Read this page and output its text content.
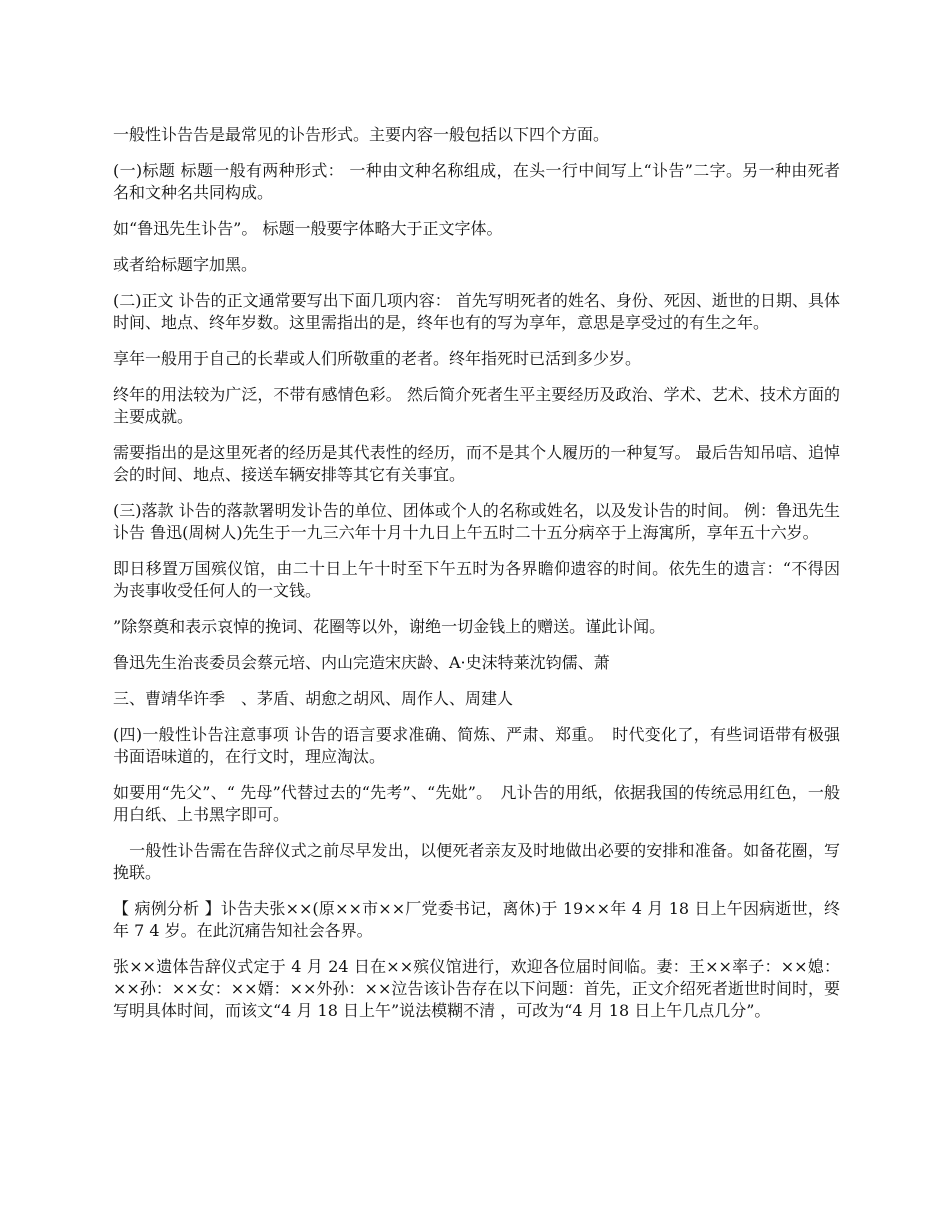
一般性讣告告是最常见的讣告形式。主要内容一般包括以下四个方面。

(一)标题 标题一般有两种形式： 一种由文种名称组成，在头一行中间写上“讣告”二字。另一种由死者名和文种名共同构成。

如“鲁迅先生讣告”。 标题一般要字体略大于正文字体。

或者给标题字加黑。

(二)正文 讣告的正文通常要写出下面几项内容： 首先写明死者的姓名、身份、死因、逝世的日期、具体时间、地点、终年岁数。这里需指出的是，终年也有的写为享年，意思是享受过的有生之年。

享年一般用于自己的长辈或人们所敬重的老者。终年指死时已活到多少岁。

终年的用法较为广泛，不带有感情色彩。 然后简介死者生平主要经历及政治、学术、艺术、技术方面的主要成就。

需要指出的是这里死者的经历是其代表性的经历，而不是其个人履历的一种复写。 最后告知吊唁、追悼会的时间、地点、接送车辆安排等其它有关事宜。

(三)落款 讣告的落款署明发讣告的单位、团体或个人的名称或姓名，以及发讣告的时间。 例：鲁迅先生讣告 鲁迅(周树人)先生于一九三六年十月十九日上午五时二十五分病卒于上海寓所，享年五十六岁。

即日移置万国殡仪馆，由二十日上午十时至下午五时为各界瞻仰遗容的时间。依先生的遗言：“不得因为丧事收受任何人的一文钱。

”除祭奠和表示哀悼的挽词、花圈等以外，谢绝一切金钱上的赠送。谨此讣闻。

鲁迅先生治丧委员会蔡元培、内山完造宋庆龄、A·史沫特莱沈钧儒、萧

三、曹靖华许季　、茅盾、胡愈之胡风、周作人、周建人

(四)一般性讣告注意事项 讣告的语言要求准确、简炼、严肃、郑重。　时代变化了，有些词语带有极强书面语味道的，在行文时，理应淘汰。

如要用“先父”、“ 先母”代替过去的“先考”、“先妣”。　凡讣告的用纸，依据我国的传统忌用红色，一般用白纸、上书黑字即可。

　一般性讣告需在告辞仪式之前尽早发出，以便死者亲友及时地做出必要的安排和准备。如备花圈，写挽联。

【 病例分析 】讣告夫张××(原××市××厂党委书记，离休)于 19××年 4 月 18 日上午因病逝世，终年 7 4 岁。在此沉痛告知社会各界。

张××遗体告辞仪式定于 4 月 24 日在××殡仪馆进行，欢迎各位届时间临。妻：王××率子：××媳：××孙：××女：××婿：××外孙：××泣告该讣告存在以下问题：首先，正文介绍死者逝世时间时，要写明具体时间，而该文“4 月 18 日上午”说法模糊不清 ，可改为“4 月 18 日上午几点几分”。
